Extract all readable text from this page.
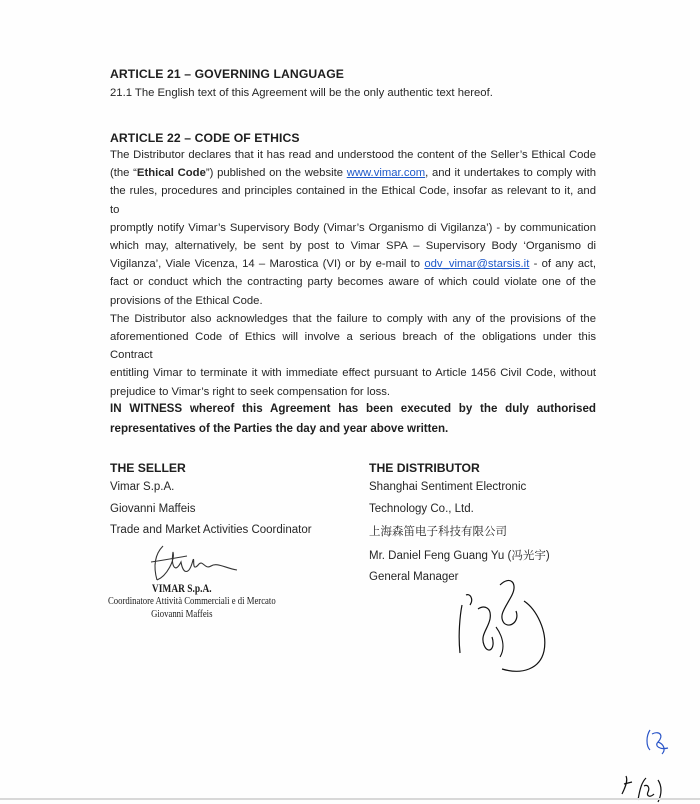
ARTICLE 21 – GOVERNING LANGUAGE
21.1 The English text of this Agreement will be the only authentic text hereof.
ARTICLE 22 – CODE OF ETHICS
The Distributor declares that it has read and understood the content of the Seller’s Ethical Code
(the “Ethical Code”) published on the website www.vimar.com, and it undertakes to comply with
the rules, procedures and principles contained in the Ethical Code, insofar as relevant to it, and to
promptly notify Vimar’s Supervisory Body (Vimar’s Organismo di Vigilanza’) - by communication
which may, alternatively, be sent by post to Vimar SPA – Supervisory Body ‘Organismo di
Vigilanza’, Viale Vicenza, 14 – Marostica (VI) or by e-mail to odv_vimar@starsis.it - of any act,
fact or conduct which the contracting party becomes aware of which could violate one of the
provisions of the Ethical Code.
The Distributor also acknowledges that the failure to comply with any of the provisions of the
aforementioned Code of Ethics will involve a serious breach of the obligations under this Contract
entitling Vimar to terminate it with immediate effect pursuant to Article 1456 Civil Code, without
prejudice to Vimar’s right to seek compensation for loss.
IN WITNESS whereof this Agreement has been executed by the duly authorised
representatives of the Parties the day and year above written.
THE SELLER
Vimar S.p.A.
Giovanni Maffeis
Trade and Market Activities Coordinator
VIMAR S.p.A.
Coordinatore Attività Commerciali e di Mercato
Giovanni Maffeis
THE DISTRIBUTOR
Shanghai Sentiment Electronic
Technology Co., Ltd.
上海森笛电子科技有限公司
Mr. Daniel Feng Guang Yu (冯光宇)
General Manager
